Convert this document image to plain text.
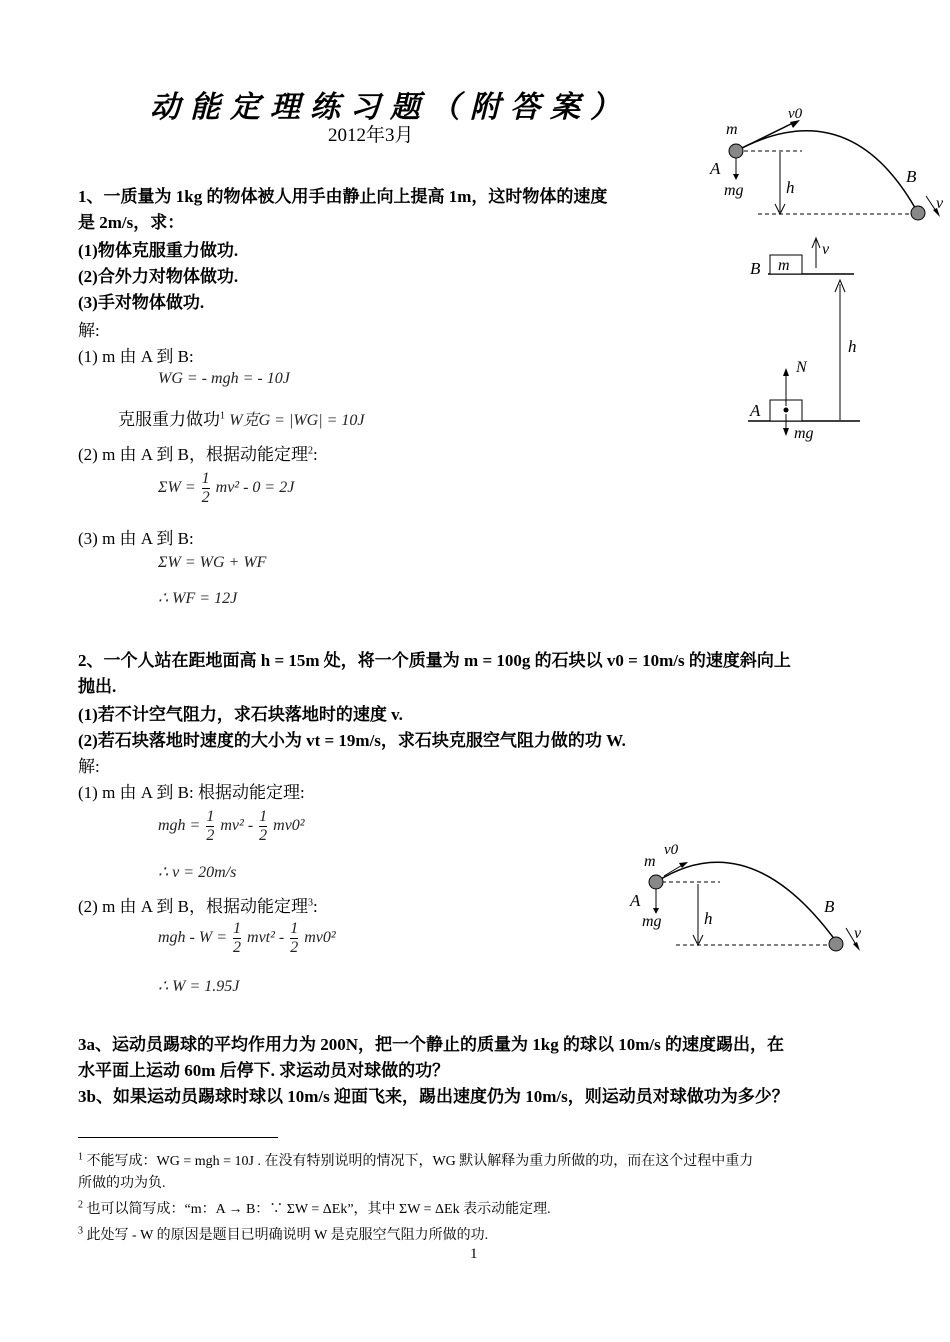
动能定理练习题（附答案）
2012年3月
1、一质量为 1kg 的物体被人用手由静止向上提高 1m，这时物体的速度
是 2m/s，求：
(1)物体克服重力做功.
(2)合外力对物体做功.
(3)手对物体做功.
解:
(1) m 由 A 到 B:
WG = - mgh = - 10J
克服重力做功$^1$ W克G = |WG| = 10J
(2) m 由 A 到 B，根据动能定理$^2$:
$\Sigma W = \frac{1}{2} mv^2 - 0 = 2J$
(3) m 由 A 到 B:
ΣW = WG + WF
∴ WF = 12J
m
v0
A
mg h
B
v
m
v
B
h
N
A
mg
2、一个人站在距地面高 h = 15m 处，将一个质量为 m = 100g 的石块以 v0 = 10m/s 的速度斜向上
抛出.
(1)若不计空气阻力，求石块落地时的速度 v.
(2)若石块落地时速度的大小为 vt = 19m/s，求石块克服空气阻力做的功 W.
解:
(1) m 由 A 到 B: 根据动能定理:
mgh = $\frac{1}{2} mv^2 - \frac{1}{2} mv0^2$
∴ v = 20m/s
(2) m 由 A 到 B，根据动能定理$^3$:
mgh - $W = \frac{1}{2} mvt^2 - \frac{1}{2} mv0^2$
∴ W = 1.95J
m
v0
A
mg h
B
v
3a、运动员踢球的平均作用力为 200N，把一个静止的质量为 1kg 的球以 10m/s 的速度踢出，在
水平面上运动 60m 后停下. 求运动员对球做的功？
3b、如果运动员踢球时球以 10m/s 迎面飞来，踢出速度仍为 10m/s，则运动员对球做功为多少？
$^1$ 不能写成：WG = mgh = 10J . 在没有特别说明的情况下，WG 默认解释为重力所做的功，而在这个过程中重力
所做的功为负.
$^2$ 也可以简写成：“m：A → B：∵ ΣW = ΔEk”，其中 ΣW = ΔEk 表示动能定理.
$^3$ 此处写 - W 的原因是题目已明确说明 W 是克服空气阻力所做的功.
1
